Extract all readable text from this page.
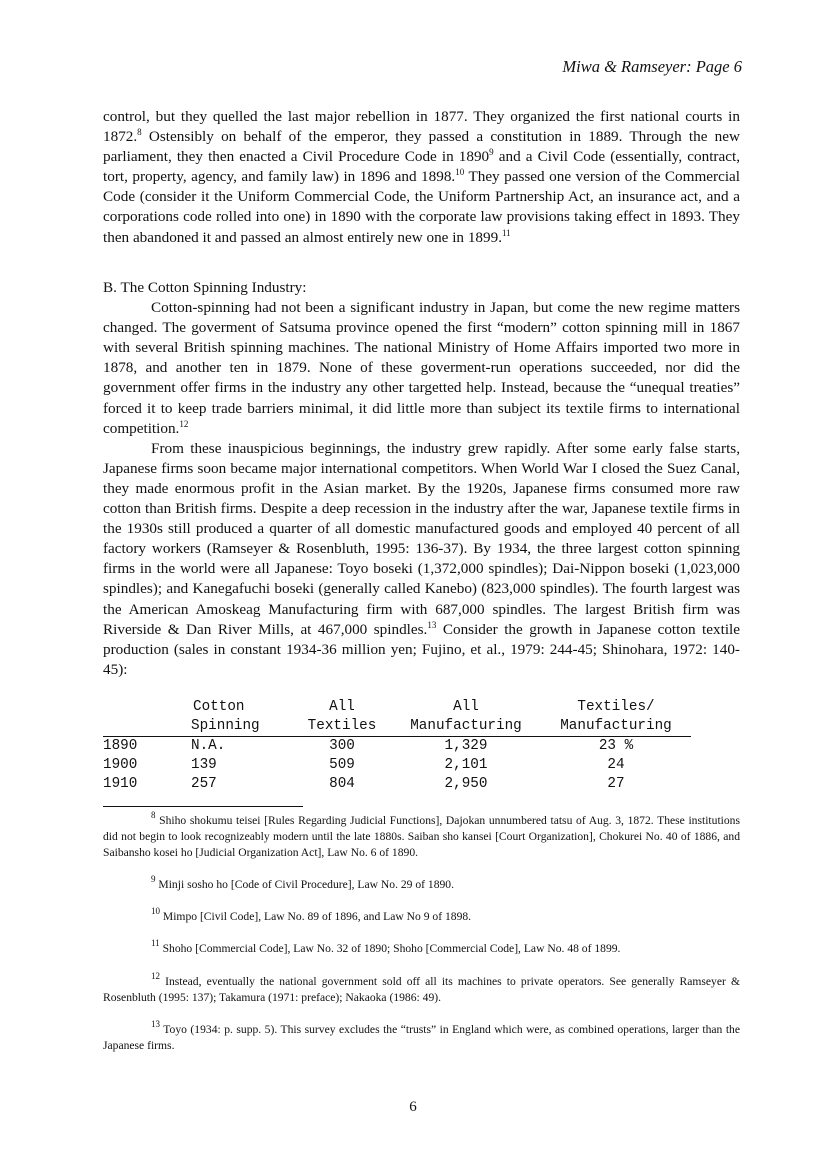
Miwa & Ramseyer: Page 6

control, but they quelled the last major rebellion in 1877. They organized the first national courts in 1872.$^8$ Ostensibly on behalf of the emperor, they passed a constitution in 1889. Through the new parliament, they then enacted a Civil Procedure Code in 1890$^9$ and a Civil Code (essentially, contract, tort, property, agency, and family law) in 1896 and 1898.10 They passed one version of the Commercial Code (consider it the Uniform Commercial Code, the Uniform Partnership Act, an insurance act, and a corporations code rolled into one) in 1890 with the corporate law provisions taking effect in 1893. They then abandoned it and passed an almost entirely new one in 1899.11

B. The Cotton Spinning Industry:

Cotton-spinning had not been a significant industry in Japan, but come the new regime matters changed. The goverment of Satsuma province opened the first “modern” cotton spinning mill in 1867 with several British spinning machines. The national Ministry of Home Affairs imported two more in 1878, and another ten in 1879. None of these goverment-run operations succeeded, nor did the government offer firms in the industry any other targetted help. Instead, because the “unequal treaties” forced it to keep trade barriers minimal, it did little more than subject its textile firms to international competition.$^{12}$

From these inauspicious beginnings, the industry grew rapidly. After some early false starts, Japanese firms soon became major international competitors. When World War I closed the Suez Canal, they made enormous profit in the Asian market. By the 1920s, Japanese firms consumed more raw cotton than British firms. Despite a deep recession in the industry after the war, Japanese textile firms in the 1930s still produced a quarter of all domestic manufactured goods and employed 40 percent of all factory workers (Ramseyer & Rosenbluth, 1995: 136-37). By 1934, the three largest cotton spinning firms in the world were all Japanese: Toyo boseki (1,372,000 spindles); Dai-Nippon boseki (1,023,000 spindles); and Kanegafuchi boseki (generally called Kanebo) (823,000 spindles). The fourth largest was the American Amoskeag Manufacturing firm with 687,000 spindles. The largest British firm was Riverside & Dan River Mills, at 467,000 spindles.$^{13}$ Consider the growth in Japanese cotton textile production (sales in constant 1934-36 million yen; Fujino, et al., 1979: 244-45; Shinohara, 1972: 140-45):

	Cotton	All	All	Textiles/
	Spinning	Textiles	Manufacturing	Manufacturing
1890	N.A.	300	1,329	23 %
1900	139	509	2,101	24
1910	257	804	2,950	27

$^8$ Shiho shokumu teisei [Rules Regarding Judicial Functions], Dajokan unnumbered tatsu of Aug. 3, 1872. These institutions did not begin to look recognizeably modern until the late 1880s. Saiban sho kansei [Court Organization], Chokurei No. 40 of 1886, and Saibansho kosei ho [Judicial Organization Act], Law No. 6 of 1890.

$^9$ Minji sosho ho [Code of Civil Procedure], Law No. 29 of 1890.

$^{10}$ Mimpo [Civil Code], Law No. 89 of 1896, and Law No 9 of 1898.

$^{11}$ Shoho [Commercial Code], Law No. 32 of 1890; Shoho [Commercial Code], Law No. 48 of 1899.

$^{12}$ Instead, eventually the national government sold off all its machines to private operators. See generally Ramseyer & Rosenbluth (1995: 137); Takamura (1971: preface); Nakaoka (1986: 49).

$^{13}$ Toyo (1934: p. supp. 5). This survey excludes the “trusts” in England which were, as combined operations, larger than the Japanese firms.

6
